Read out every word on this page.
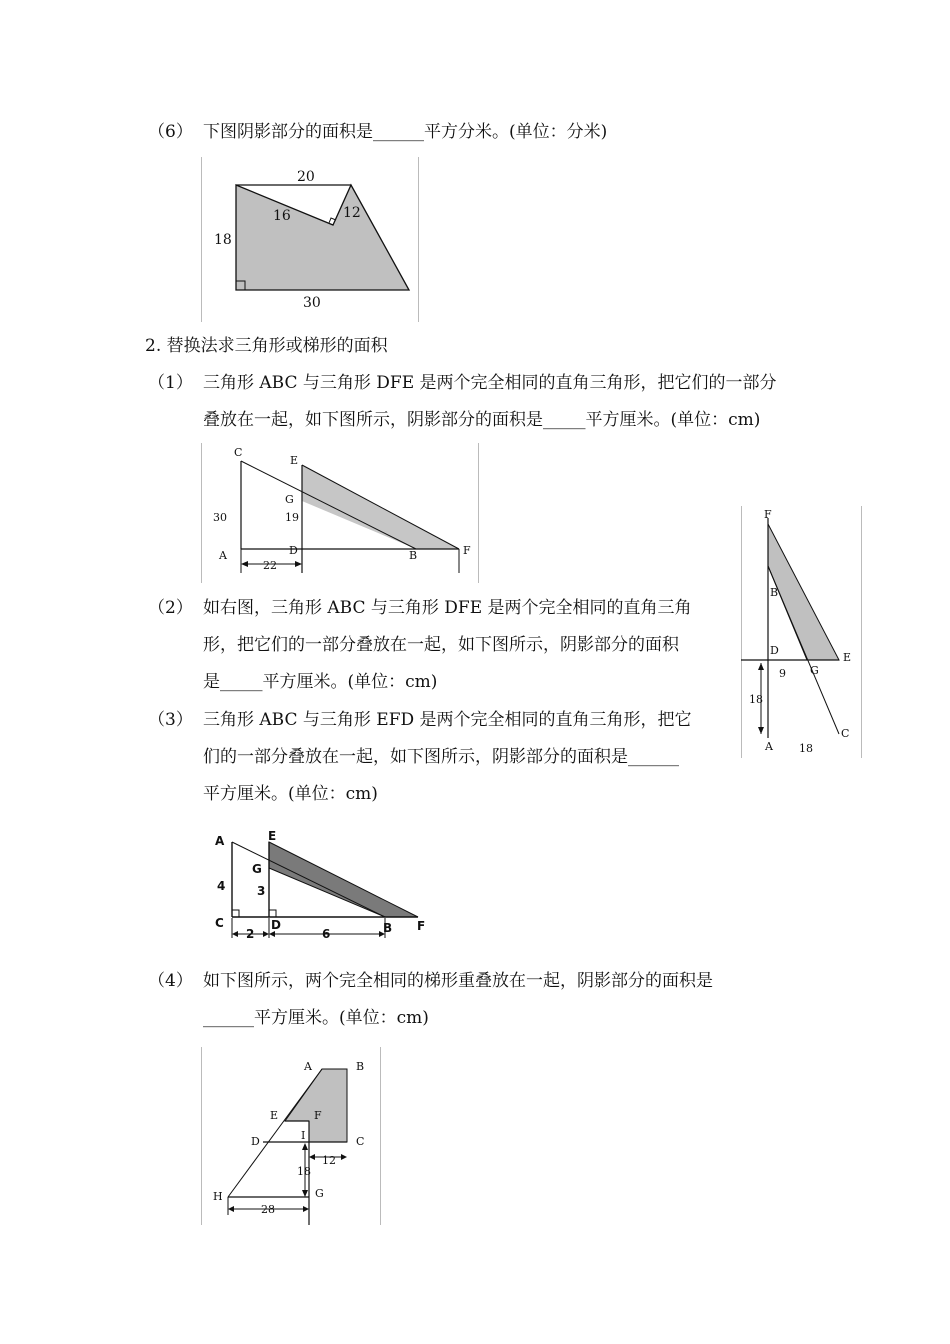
（6） 下图阴影部分的面积是______平方分米。(单位：分米)
20
18
30
16	12
2. 替换法求三角形或梯形的面积
（1） 三角形 ABC 与三角形 DFE 是两个完全相同的直角三角形，把它们的一部分
叠放在一起，如下图所示，阴影部分的面积是_____平方厘米。(单位：cm)
C
E
G
19
30
A	D	B	F
22
F
B
D
9 G
E
18
A 18
C
（2） 如右图，三角形 ABC 与三角形 DFE 是两个完全相同的直角三角
形，把它们的一部分叠放在一起，如下图所示，阴影部分的面积
是_____平方厘米。(单位：cm)
（3） 三角形 ABC 与三角形 EFD 是两个完全相同的直角三角形，把它
们的一部分叠放在一起，如下图所示，阴影部分的面积是______
平方厘米。(单位：cm)
A	E
G
4	3
C	D
2	6	B F
（4） 如下图所示，两个完全相同的梯形重叠放在一起，阴影部分的面积是
______平方厘米。(单位：cm)
A	B
E	F
D	I	C
12
18
H	G
28
